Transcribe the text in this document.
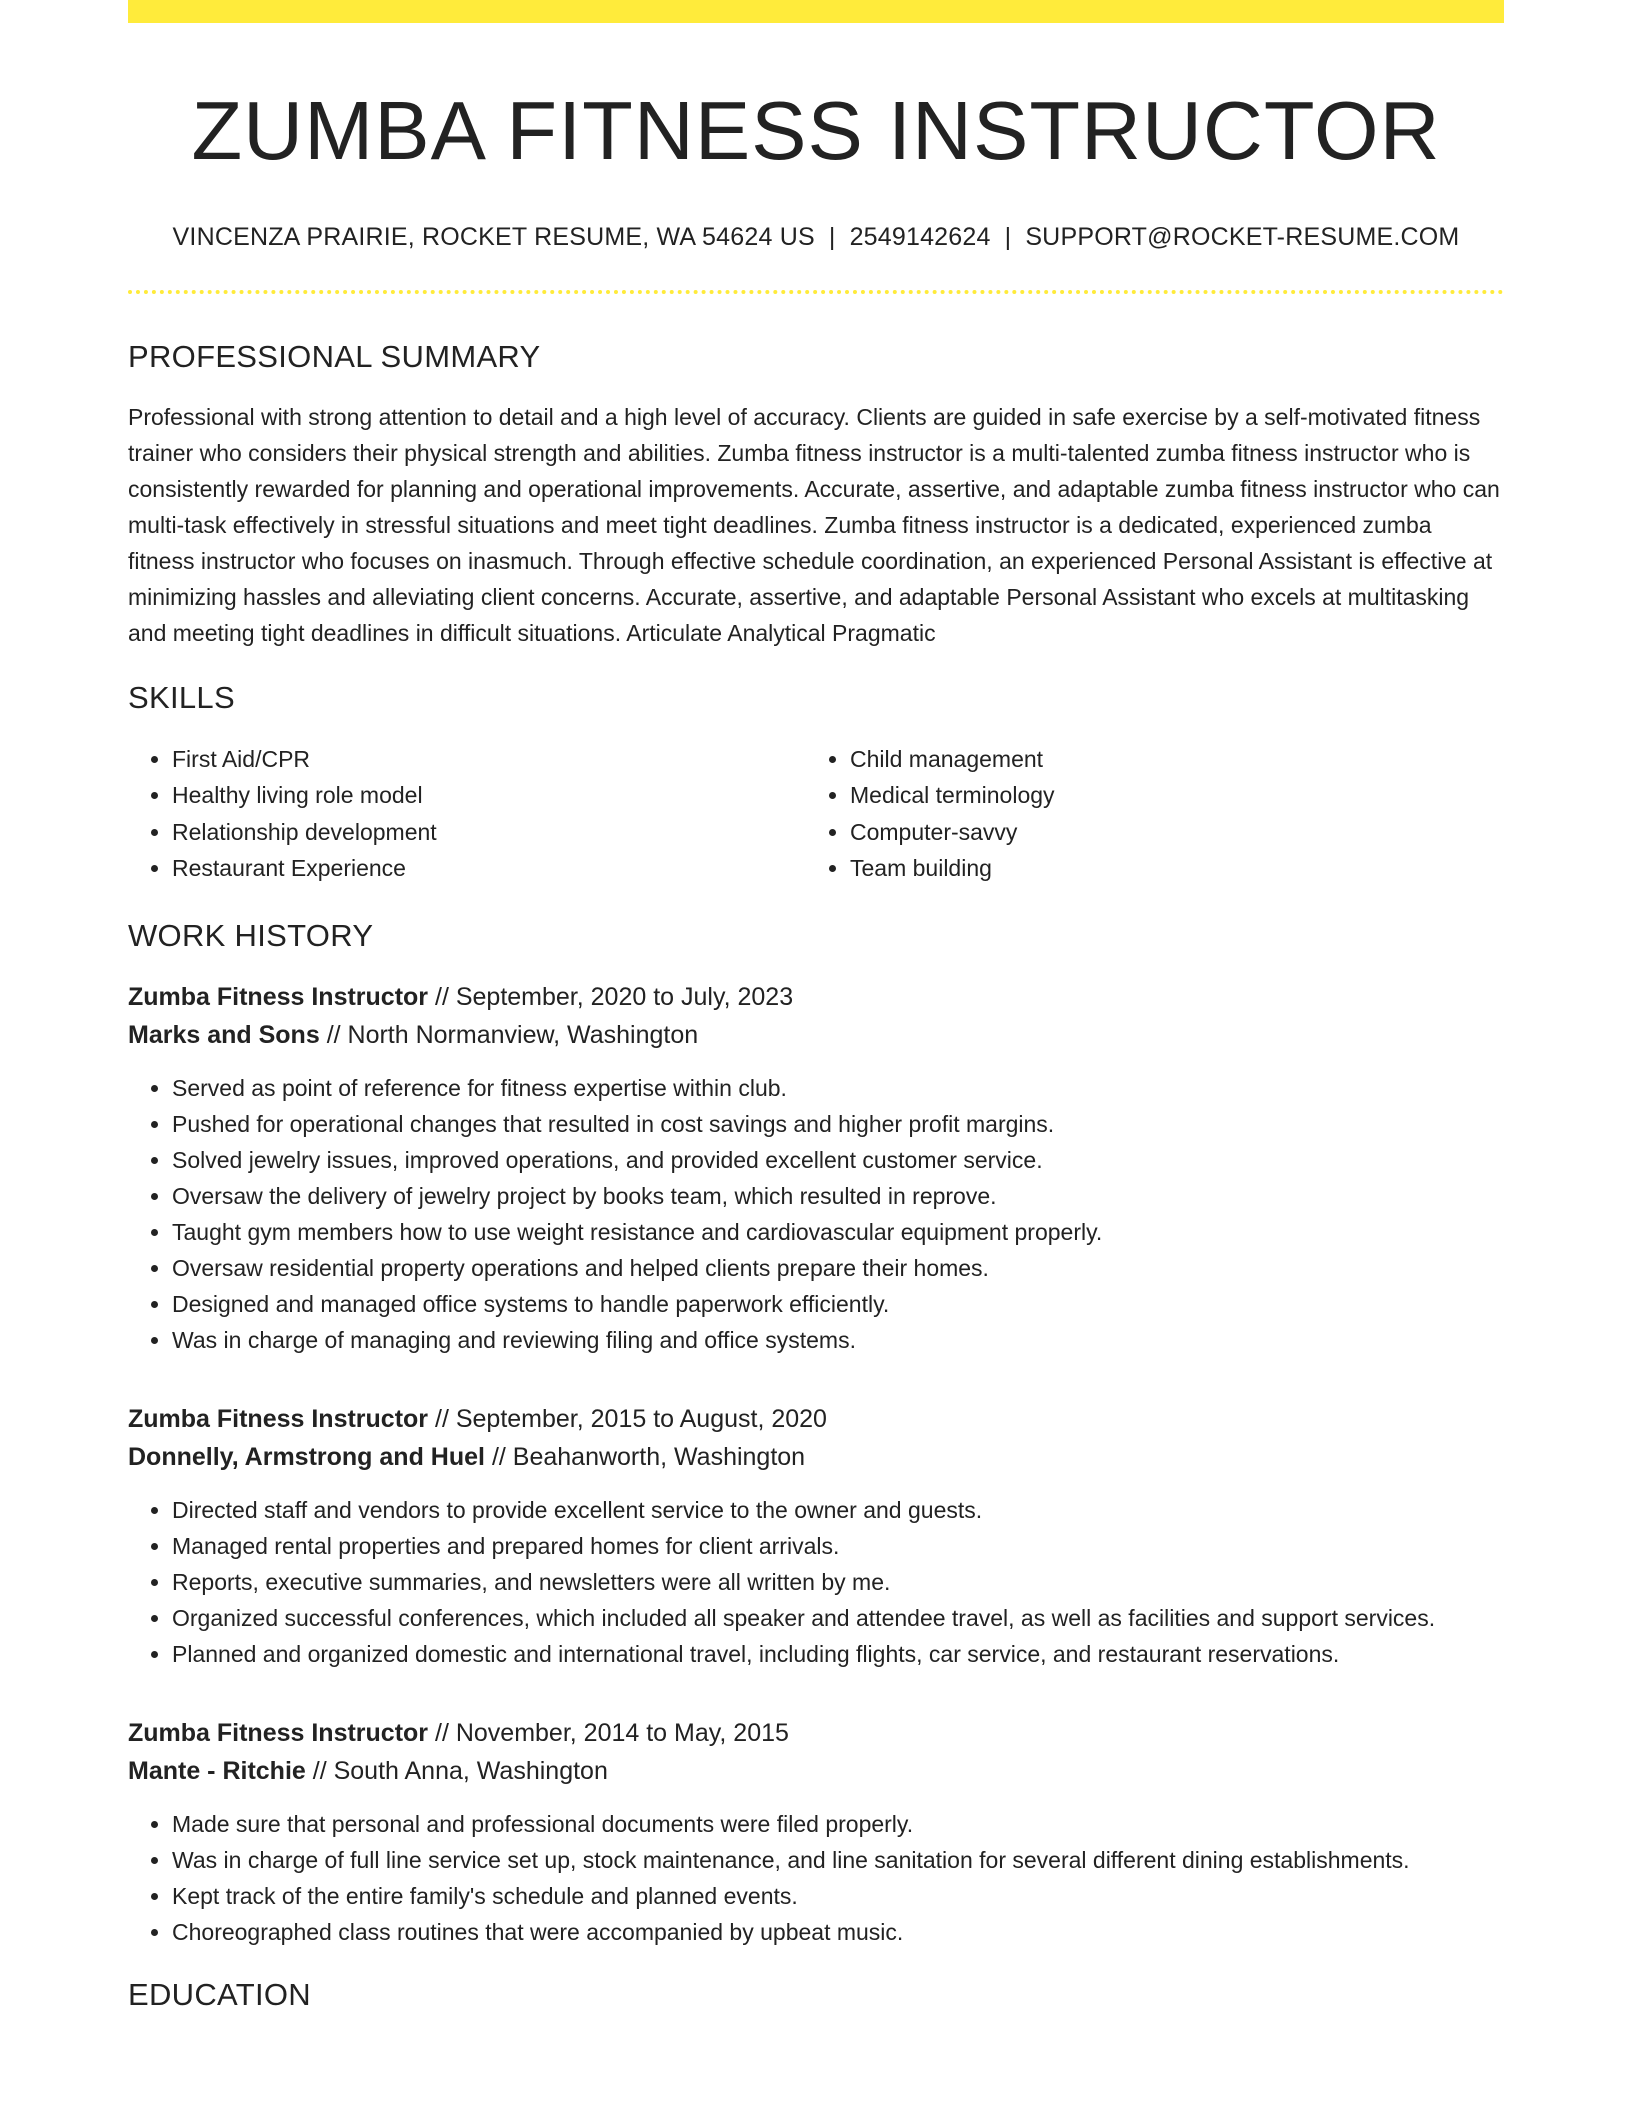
ZUMBA FITNESS INSTRUCTOR
VINCENZA PRAIRIE, ROCKET RESUME, WA 54624 US | 2549142624 | SUPPORT@ROCKET-RESUME.COM
PROFESSIONAL SUMMARY

Professional with strong attention to detail and a high level of accuracy. Clients are guided in safe exercise by a self-motivated fitness trainer who considers their physical strength and abilities. Zumba fitness instructor is a multi-talented zumba fitness instructor who is consistently rewarded for planning and operational improvements. Accurate, assertive, and adaptable zumba fitness instructor who can multi-task effectively in stressful situations and meet tight deadlines. Zumba fitness instructor is a dedicated, experienced zumba fitness instructor who focuses on inasmuch. Through effective schedule coordination, an experienced Personal Assistant is effective at minimizing hassles and alleviating client concerns. Accurate, assertive, and adaptable Personal Assistant who excels at multitasking and meeting tight deadlines in difficult situations. Articulate Analytical Pragmatic

SKILLS
• First Aid/CPR
• Healthy living role model
• Relationship development
• Restaurant Experience
• Child management
• Medical terminology
• Computer-savvy
• Team building
WORK HISTORY
Zumba Fitness Instructor // September, 2020 to July, 2023
Marks and Sons // North Normanview, Washington
• Served as point of reference for fitness expertise within club.
• Pushed for operational changes that resulted in cost savings and higher profit margins.
• Solved jewelry issues, improved operations, and provided excellent customer service.
• Oversaw the delivery of jewelry project by books team, which resulted in reprove.
• Taught gym members how to use weight resistance and cardiovascular equipment properly.
• Oversaw residential property operations and helped clients prepare their homes.
• Designed and managed office systems to handle paperwork efficiently.
• Was in charge of managing and reviewing filing and office systems.
Zumba Fitness Instructor // September, 2015 to August, 2020
Donnelly, Armstrong and Huel // Beahanworth, Washington
• Directed staff and vendors to provide excellent service to the owner and guests.
• Managed rental properties and prepared homes for client arrivals.
• Reports, executive summaries, and newsletters were all written by me.
• Organized successful conferences, which included all speaker and attendee travel, as well as facilities and support services.
• Planned and organized domestic and international travel, including flights, car service, and restaurant reservations.
Zumba Fitness Instructor // November, 2014 to May, 2015
Mante - Ritchie // South Anna, Washington
• Made sure that personal and professional documents were filed properly.
• Was in charge of full line service set up, stock maintenance, and line sanitation for several different dining establishments.
• Kept track of the entire family's schedule and planned events.
• Choreographed class routines that were accompanied by upbeat music.
EDUCATION
